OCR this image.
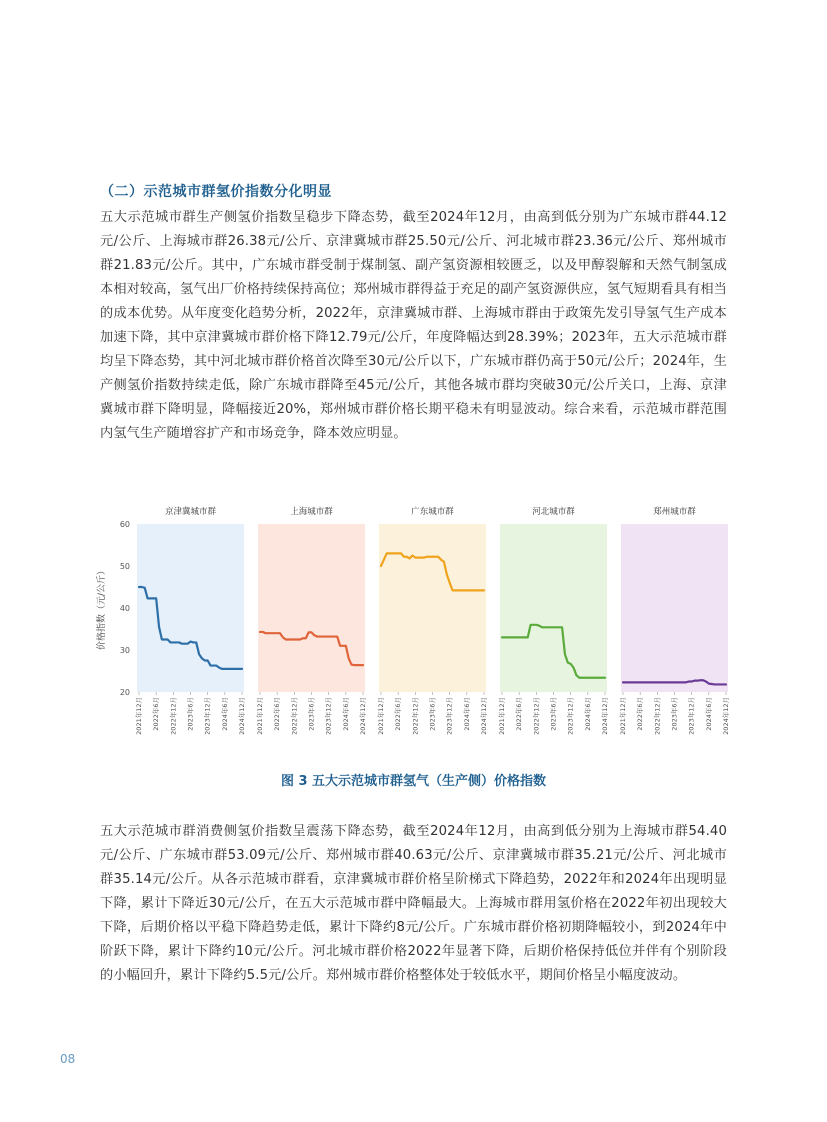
（二）示范城市群氢价指数分化明显

五大示范城市群生产侧氢价指数呈稳步下降态势，截至2024年12月，由高到低分别为广东城市群44.12元/公斤、上海城市群26.38元/公斤、京津冀城市群25.50元/公斤、河北城市群23.36元/公斤、郑州城市群21.83元/公斤。其中，广东城市群受制于煤制氢、副产氢资源相较匮乏，以及甲醇裂解和天然气制氢成本相对较高，氢气出厂价格持续保持高位；郑州城市群得益于充足的副产氢资源供应，氢气短期看具有相当的成本优势。从年度变化趋势分析，2022年，京津冀城市群、上海城市群由于政策先发引导氢气生产成本加速下降，其中京津冀城市群价格下降12.79元/公斤，年度降幅达到28.39%；2023年，五大示范城市群均呈下降态势，其中河北城市群价格首次降至30元/公斤以下，广东城市群仍高于50元/公斤；2024年，生产侧氢价指数持续走低，除广东城市群降至45元/公斤，其他各城市群均突破30元/公斤关口，上海、京津冀城市群下降明显，降幅接近20%，郑州城市群价格长期平稳未有明显波动。综合来看，示范城市群范围内氢气生产随增容扩产和市场竞争，降本效应明显。

价格指数（元/公斤）
20
30
40
50
60
京津冀城市群
2021年12月 2022年6月 2022年12月 2023年6月 2023年12月 2024年6月 2024年12月
上海城市群
2021年12月 2022年6月 2022年12月 2023年6月 2023年12月 2024年6月 2024年12月
广东城市群
2021年12月 2022年6月 2022年12月 2023年6月 2023年12月 2024年6月 2024年12月
河北城市群
2021年12月 2022年6月 2022年12月 2023年6月 2023年12月 2024年6月 2024年12月
郑州城市群
2021年12月 2022年6月 2022年12月 2023年6月 2023年12月 2024年6月 2024年12月

图 3 五大示范城市群氢气（生产侧）价格指数

五大示范城市群消费侧氢价指数呈震荡下降态势，截至2024年12月，由高到低分别为上海城市群54.40元/公斤、广东城市群53.09元/公斤、郑州城市群40.63元/公斤、京津冀城市群35.21元/公斤、河北城市群35.14元/公斤。从各示范城市群看，京津冀城市群价格呈阶梯式下降趋势，2022年和2024年出现明显下降，累计下降近30元/公斤，在五大示范城市群中降幅最大。上海城市群用氢价格在2022年初出现较大下降，后期价格以平稳下降趋势走低，累计下降约8元/公斤。广东城市群价格初期降幅较小，到2024年中阶跃下降，累计下降约10元/公斤。河北城市群价格2022年显著下降，后期价格保持低位并伴有个别阶段的小幅回升，累计下降约5.5元/公斤。郑州城市群价格整体处于较低水平，期间价格呈小幅度波动。

08
